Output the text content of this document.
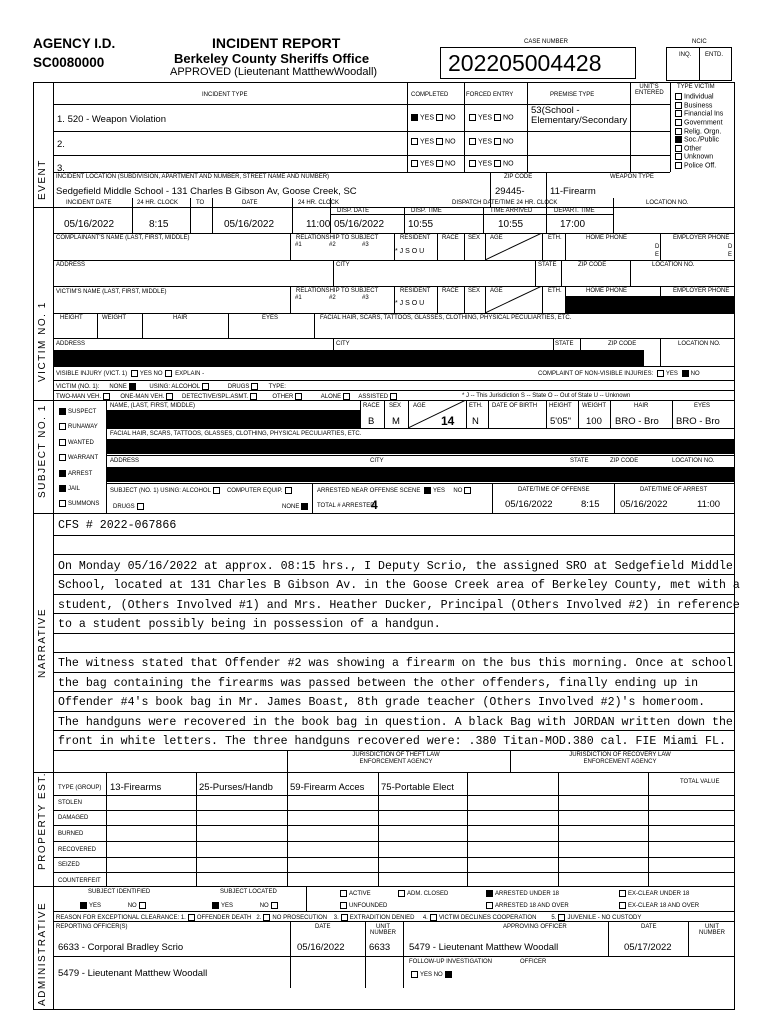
AGENCY I.D.
SC0080000
INCIDENT REPORT
Berkeley County Sheriffs Office
APPROVED (Lieutenant MatthewWoodall)
CASE NUMBER
202205004428
NCIC
INQ. ENTD.
EVENT
VICTIM NO. 1
SUBJECT NO. 1
NARRATIVE
PROPERTY EST.
ADMINISTRATIVE
INCIDENT TYPE	COMPLETED	FORCED ENTRY	PREMISE TYPE
UNIT'S ENTERED
TYPE VICTIM
1. 520 - Weapon Violation
2.
3.
YES NO
YES NO
YES NO
YES NO
YES NO
YES NO
53(School - Elementary/Secondary
Individual
Business
Financial Ins
Government
Relig. Orgn.
Soc./Public
Other
Unknown
Police Off.
INCIDENT LOCATION (SUBDIVISION, APARTMENT AND NUMBER, STREET NAME AND NUMBER)
Sedgefield Middle School - 131 Charles B Gibson Av, Goose Creek, SC
ZIP CODE
29445-
WEAPON TYPE
11-Firearm
INCIDENT DATE	24 HR. CLOCK	TO	DATE	24 HR. CLOCK	DISPATCH DATE/TIME 24 HR. CLOCK	LOCATION NO.
DISP. DATE	DISP. TIME	TIME ARRIVED	DEPART. TIME
05/16/2022	8:15	05/16/2022	11:00 05/16/2022 10:55	10:55	17:00
COMPLAINANT'S NAME (LAST, FIRST, MIDDLE)	RELATIONSHIP TO SUBJECT
#1	#2	#3
RESIDENT
* J S O U
RACE SEX AGE	ETH.	HOME PHONE	EMPLOYER PHONE
D
E
D
E
ADDRESS	CITY	STATE	ZIP CODE	LOCATION NO.
VICTIM'S NAME (LAST, FIRST, MIDDLE)	RELATIONSHIP TO SUBJECT
#1	#2	#3
RESIDENT
* J S O U
RACE SEX AGE	ETH.	HOME PHONE	EMPLOYER PHONE
HEIGHT	WEIGHT	HAIR	EYES	FACIAL HAIR, SCARS, TATTOOS, GLASSES, CLOTHING, PHYSICAL PECULIARTIES, ETC.
ADDRESS	CITY	STATE	ZIP CODE	LOCATION NO.
VISIBLE INJURY (VICT. 1) YES NO EXPLAIN -	COMPLAINT OF NON-VISIBLE INJURIES: YES NO
VICTIM (NO. 1): NONE	USING: ALCOHOL	DRUGS	TYPE:
TWO-MAN VEH.	ONE-MAN VEH.	DETECTIVE/SPL.ASMT.	OTHER	ALONE	ASSISTED	* J -- This Jurisdiction S -- State O -- Out of State U -- Unknown
SUSPECT
RUNAWAY
WANTED
WARRANT
ARREST
JAIL
SUMMONS
NAME, (LAST, FIRST, MIDDLE)	RACE SEX AGE	ETH. DATE OF BIRTH HEIGHT WEIGHT	HAIR	EYES
B M	14 N	5'05" 100 BRO - Bro BRO - Bro
FACIAL HAIR, SCARS, TATTOOS, GLASSES, CLOTHING, PHYSICAL PECULIARTIES, ETC.
ADDRESS	CITY	STATE	ZIP CODE	LOCATION NO.
SUBJECT (NO. 1) USING: ALCOHOL	COMPUTER EQUIP.
DRUGS	NONE
ARRESTED NEAR OFFENSE SCENE YES NO
TOTAL # ARRESTED
4
DATE/TIME OF OFFENSE
05/16/2022	8:15
DATE/TIME OF ARREST
05/16/2022	11:00
CFS # 2022-067866
On Monday 05/16/2022 at approx. 08:15 hrs., I Deputy Scrio, the assigned SRO at Sedgefield Middle
School, located at 131 Charles B Gibson Av. in the Goose Creek area of Berkeley County, met with a
student, (Others Involved #1) and Mrs. Heather Ducker, Principal (Others Involved #2) in reference
to a student possibly being in possession of a handgun.
The witness stated that Offender #2 was showing a firearm on the bus this morning. Once at school
the bag containing the firearms was passed between the other offenders, finally ending up in
Offender #4's book bag in Mr. James Boast, 8th grade teacher (Others Involved #2)'s homeroom.
The handguns were recovered in the book bag in question. A black Bag with JORDAN written down the
front in white letters. The three handguns recovered were: .380 Titan-MOD.380 cal. FIE Miami FL.
JURISDICTION OF THEFT LAW ENFORCEMENT AGENCY
JURISDICTION OF RECOVERY LAW ENFORCEMENT AGENCY
TOTAL VALUE
TYPE (GROUP) 13-Firearms	25-Purses/Handb 59-Firearm Acces 75-Portable Elect
STOLEN
DAMAGED
BURNED
RECOVERED
SEIZED
COUNTERFEIT
SUBJECT IDENTIFIED
YES	NO
SUBJECT LOCATED
YES	NO
ACTIVE
UNFOUNDED
ADM. CLOSED	ARRESTED UNDER 18
ARRESTED 18 AND OVER
EX-CLEAR UNDER 18
EX-CLEAR 18 AND OVER
REASON FOR EXCEPTIONAL CLEARANCE: 1. OFFENDER DEATH 2. NO PROSECUTION 3. EXTRADITION DENIED 4. VICTIM DECLINES COOPERATION	5. JUVENILE - NO CUSTODY
REPORTING OFFICER(S)	DATE	UNIT NUMBER
APPROVING OFFICER	DATE	UNIT NUMBER
6633 - Corporal Bradley Scrio	05/16/2022	6633 5479 - Lieutenant Matthew Woodall	05/17/2022
FOLLOW-UP INVESTIGATION	OFFICER
YES NO
5479 - Lieutenant Matthew Woodall
